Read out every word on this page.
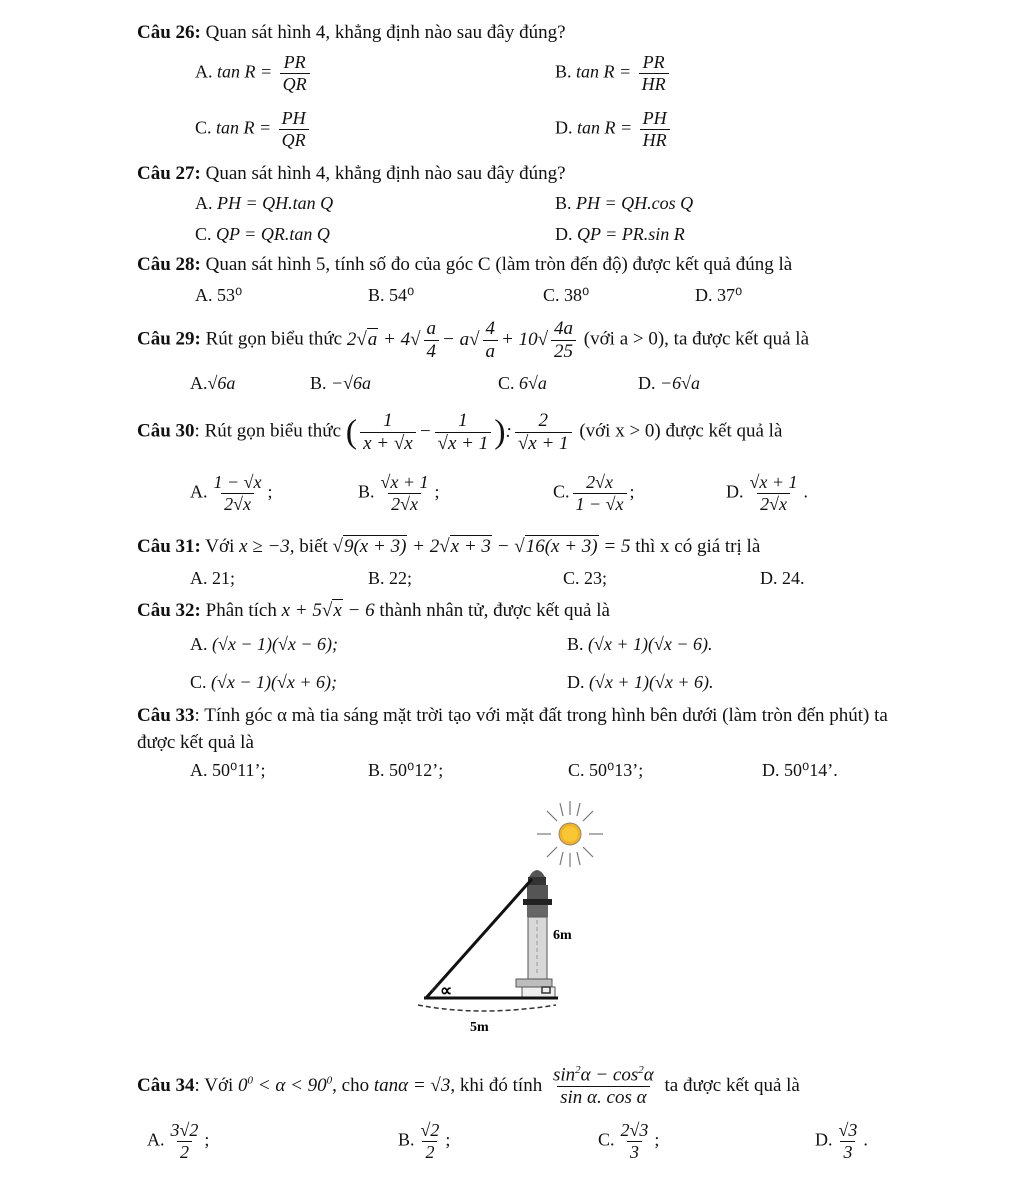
Câu 26: Quan sát hình 4, khẳng định nào sau đây đúng?
A. $\tan R = \frac{PR}{QR}$	B. $\tan R = \frac{PR}{HR}$
C. $\tan R = \frac{PH}{QR}$	D. $\tan R = \frac{PH}{HR}$
Câu 27: Quan sát hình 4, khẳng định nào sau đây đúng?
A. PH = QH.tan Q	B. PH = QH.cos Q
C. QP = QR.tan Q	D. QP = PR.sin R
Câu 28: Quan sát hình 5, tính số đo của góc C (làm tròn đến độ) được kết quả đúng là
A. 53⁰	B. 54⁰	C. 38⁰	D. 37⁰
Câu 29: Rút gọn biểu thức $2√a + 4√ \frac{a}{4} - a√ \frac{4}{a} + 10√ \frac{4a}{25}$ (với a > 0), ta được kết quả là
A.√6a	B. −√6a	C. 6√a	D. −6√a
Câu 30: Rút gọn biểu thức ( $\frac{1}{x + √x} - \frac{1}{√x + 1}$ ): $\frac{2}{√x + 1}$ (với x > 0) được kết quả là
A. $\frac{1 - √x}{2√x}$ ;	B. $\frac{√x + 1}{2√x}$ ;	C. $\frac{2√x}{1 - √x}$ ;	D. $\frac{√x + 1}{2√x}$ .
Câu 31: Với x ≥ −3, biết √9(x + 3) + 2√x + 3 − √16(x + 3) = 5 thì x có giá trị là
A. 21;	B. 22;	C. 23;	D. 24.
Câu 32: Phân tích x + 5√x − 6 thành nhân tử, được kết quả là
A. (√x − 1)(√x − 6);	B. (√x + 1)(√x − 6).
C. (√x − 1)(√x + 6);	D. (√x + 1)(√x + 6).
Câu 33: Tính góc α mà tia sáng mặt trời tạo với mặt đất trong hình bên dưới (làm tròn đến phút) ta được kết quả là
A. 50⁰11’;	B. 50⁰12’;	C. 50⁰13’;	D. 50⁰14’.
6m
∝
5m
Câu 34: Với $0^0 < \alpha < 90^0$, cho tanα = √3, khi đó tính $\frac{\sin^2\alpha - \cos^2\alpha}{\text{sin α. cos α}}$ ta được kết quả là
A. $\frac{3√2}{2}$ ;	B. $\frac{√2}{2}$ ;	C. $\frac{2√3}{3}$ ;	D. $\frac{√3}{3}$ .
